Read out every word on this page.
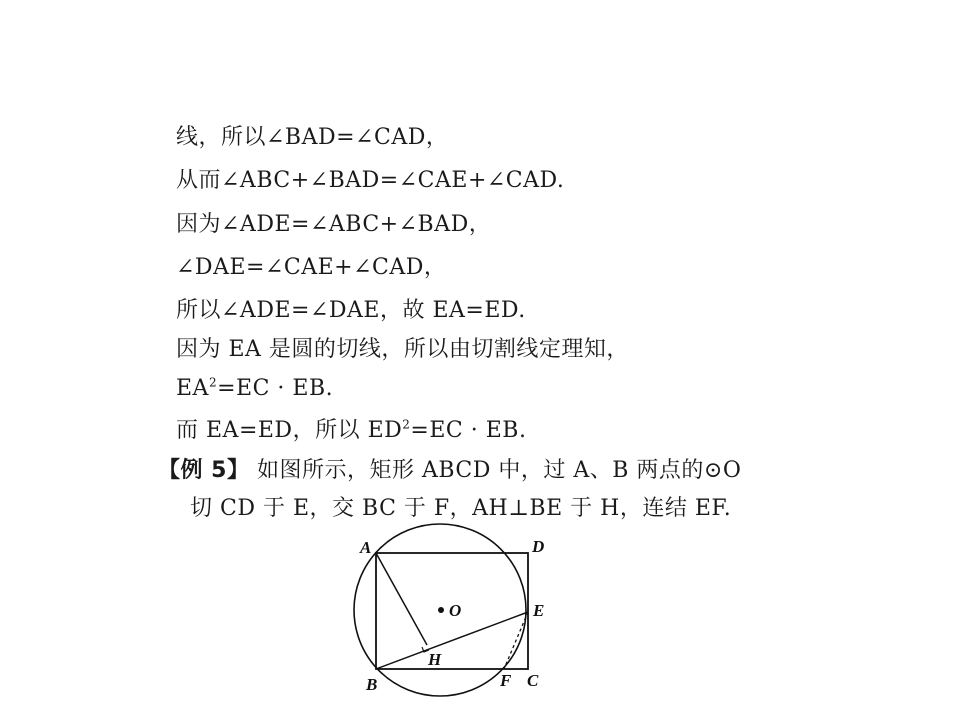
线，所以∠BAD=∠CAD，
从而∠ABC+∠BAD=∠CAE+∠CAD.
因为∠ADE=∠ABC+∠BAD，
∠DAE=∠CAE+∠CAD，
所以∠ADE=∠DAE，故 EA=ED.
因为 EA 是圆的切线，所以由切割线定理知，
$EA^2=EC$ · EB.
而 EA=ED，所以 $ED^2=EC$ · EB.
【例 5】 如图所示，矩形 ABCD 中，过 A、B 两点的⊙O
切 CD 于 E，交 BC 于 F，AH⊥BE 于 H，连结 EF.
A	D
O	E
H
B	F C
